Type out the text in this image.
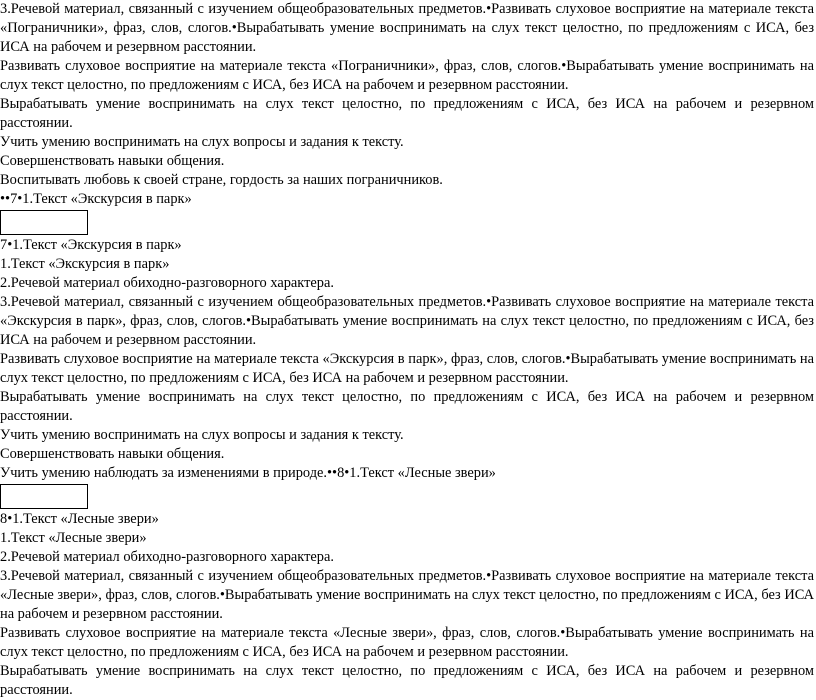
3.Речевой материал, связанный с изучением общеобразовательных предметов.•Развивать слуховое восприятие на материале текста «Пограничники», фраз, слов, слогов.•Вырабатывать умение воспринимать на слух текст целостно, по предложениям с ИСА, без ИСА на рабочем и резервном расстоянии.

Развивать слуховое восприятие на материале текста «Пограничники», фраз, слов, слогов.•Вырабатывать умение воспринимать на слух текст целостно, по предложениям с ИСА, без ИСА на рабочем и резервном расстоянии.

Вырабатывать умение воспринимать на слух текст целостно, по предложениям с ИСА, без ИСА на рабочем и резервном расстоянии.

Учить умению воспринимать на слух вопросы и задания к тексту.

Совершенствовать навыки общения.

Воспитывать любовь к своей стране, гордость за наших пограничников.

••7•1.Текст «Экскурсия в парк»

7•1.Текст «Экскурсия в парк»

1.Текст «Экскурсия в парк»

2.Речевой материал обиходно-разговорного характера.

3.Речевой материал, связанный с изучением общеобразовательных предметов.•Развивать слуховое восприятие на материале текста «Экскурсия в парк», фраз, слов, слогов.•Вырабатывать умение воспринимать на слух текст целостно, по предложениям с ИСА, без ИСА на рабочем и резервном расстоянии.

Развивать слуховое восприятие на материале текста «Экскурсия в парк», фраз, слов, слогов.•Вырабатывать умение воспринимать на слух текст целостно, по предложениям с ИСА, без ИСА на рабочем и резервном расстоянии.

Вырабатывать умение воспринимать на слух текст целостно, по предложениям с ИСА, без ИСА на рабочем и резервном расстоянии.

Учить умению воспринимать на слух вопросы и задания к тексту.

Совершенствовать навыки общения.

Учить умению наблюдать за изменениями в природе.••8•1.Текст «Лесные звери»

8•1.Текст «Лесные звери»

1.Текст «Лесные звери»

2.Речевой материал обиходно-разговорного характера.

3.Речевой материал, связанный с изучением общеобразовательных предметов.•Развивать слуховое восприятие на материале текста «Лесные звери», фраз, слов, слогов.•Вырабатывать умение воспринимать на слух текст целостно, по предложениям с ИСА, без ИСА на рабочем и резервном расстоянии.

Развивать слуховое восприятие на материале текста «Лесные звери», фраз, слов, слогов.•Вырабатывать умение воспринимать на слух текст целостно, по предложениям с ИСА, без ИСА на рабочем и резервном расстоянии.

Вырабатывать умение воспринимать на слух текст целостно, по предложениям с ИСА, без ИСА на рабочем и резервном расстоянии.
